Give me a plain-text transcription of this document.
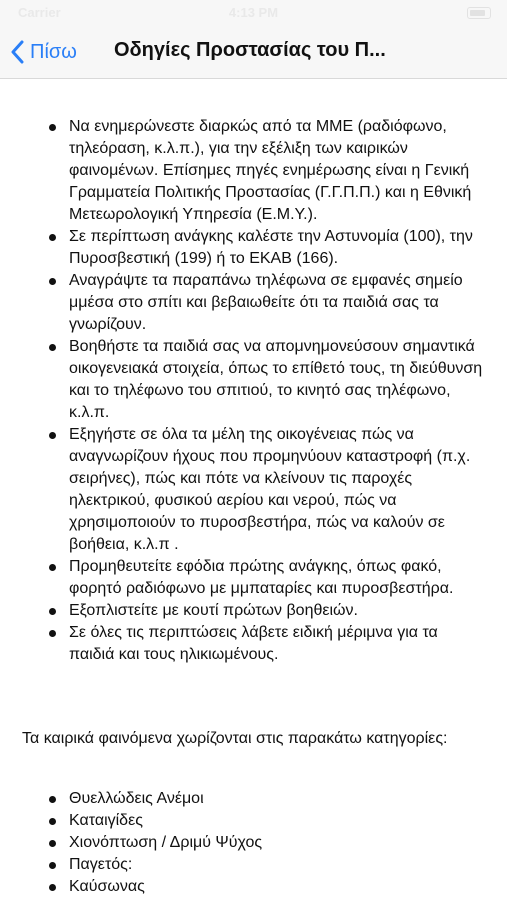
Carrier	4:13 PM
Πίσω Οδηγίες Προστασίας του Π...
Να ενημερώνεστε διαρκώς από τα ΜΜΕ (ραδιόφωνο, τηλεόραση, κ.λ.π.), για την εξέλιξη των καιρικών φαινομένων. Επίσημες πηγές ενημέρωσης είναι η Γενική Γραμματεία Πολιτικής Προστασίας (Γ.Γ.Π.Π.) και η Εθνική Μετεωρολογική Υπηρεσία (Ε.Μ.Υ.).
Σε περίπτωση ανάγκης καλέστε την Αστυνομία (100), την Πυροσβεστική (199) ή το ΕΚΑΒ (166).
Αναγράψτε τα παραπάνω τηλέφωνα σε εμφανές σημείο μμέσα στο σπίτι και βεβαιωθείτε ότι τα παιδιά σας τα γνωρίζουν.
Βοηθήστε τα παιδιά σας να απομνημονεύσουν σημαντικά οικογενειακά στοιχεία, όπως το επίθετό τους, τη διεύθυνση και το τηλέφωνο του σπιτιού, το κινητό σας τηλέφωνο, κ.λ.π.
Εξηγήστε σε όλα τα μέλη της οικογένειας πώς να αναγνωρίζουν ήχους που προμηνύουν καταστροφή (π.χ. σειρήνες), πώς και πότε να κλείνουν τις παροχές ηλεκτρικού, φυσικού αερίου και νερού, πώς να χρησιμοποιούν το πυροσβεστήρα, πώς να καλούν σε βοήθεια, κ.λ.π .
Προμηθευτείτε εφόδια πρώτης ανάγκης, όπως φακό, φορητό ραδιόφωνο με μμπαταρίες και πυροσβεστήρα.
Εξοπλιστείτε με κουτί πρώτων βοηθειών.
Σε όλες τις περιπτώσεις λάβετε ειδική μέριμνα για τα παιδιά και τους ηλικιωμένους.
Τα καιρικά φαινόμενα χωρίζονται στις παρακάτω κατηγορίες:
Θυελλώδεις Ανέμοι
Καταιγίδες
Χιονόπτωση / Δριμύ Ψύχος
Παγετός:
Καύσωνας
